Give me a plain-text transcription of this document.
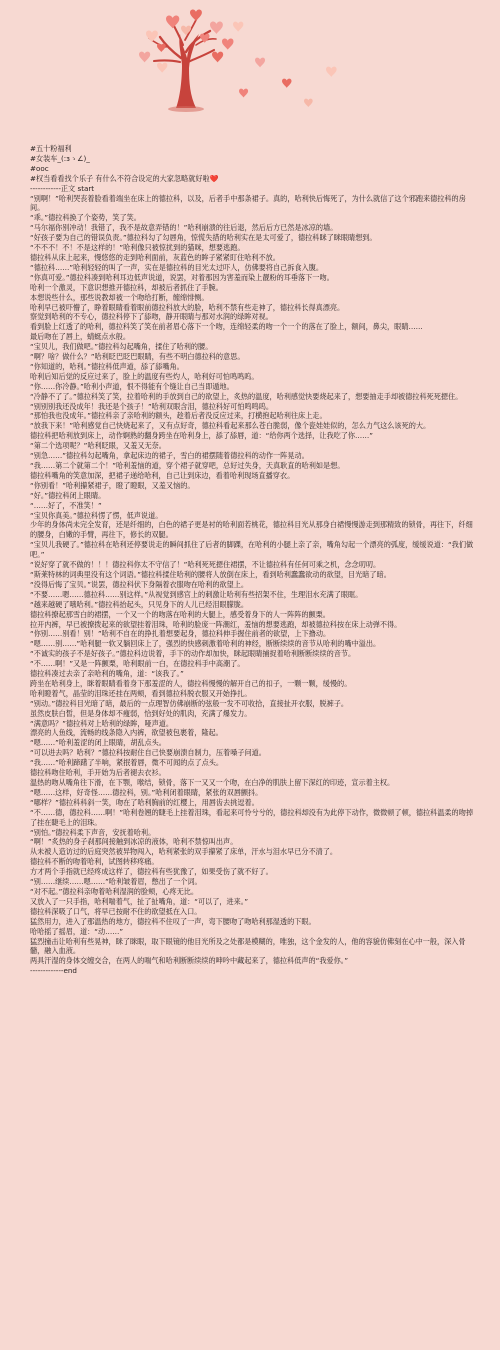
#五十粉福利
#女装车_(:зゝ∠)_
#ooc
#权当看看找个乐子 有什么不符合设定的大家忽略就好啦❤️
------------正文 start
“别啊！”哈利哭丧着脸看着端坐在床上的德拉科，以及，后者手中那条裙子。真的，哈利快后悔死了，为什么就信了这个邪跑来德拉科的房间。
“乖。”德拉科换了个姿势，笑了笑。
“马尔福你别冲动！我错了，我不是故意弄错的！”哈利崩溃的往后退，然后后方已然是冰凉的墙。
“好孩子要为自己的错误负责。”德拉科勾了勾唇角，惊慌失措的哈利实在是太可爱了，德拉科眯了眯眼睛想到。
“不不不！不！不是这样的！”哈利像只被惊扰到的猫咪，想要逃跑。
德拉科从床上起来，慢悠悠的走到哈利面前，灰蓝色的眸子紧紧盯住哈利不放。
“德拉科……”哈利轻轻的叫了一声，实在是德拉科的目光太过吓人，仿佛要将自己拆食入腹。
“你真可爱。”德拉科凑到哈利耳边低声说道，说罢，对着那因为害羞而染上靓粉的耳垂落下一吻。
哈利一个激灵，下意识想推开德拉科，却被后者抓住了手腕。
本想说些什么，那些说教却被一个吻给打断，缠绵悱恻。
哈利早已被吓懵了，睁着眼睛看着眼前德拉科放大的脸，哈利不禁有些走神了，德拉科长得真漂亮。
察觉到哈利的不专心，德拉科停下了舔吻，静开眼睛与那对水润的绿眸对视。
看到脸上红透了的哈利，德拉科笑了笑在前者眉心落下一个吻，连绵轻柔的吻一个一个的落在了脸上，额间，鼻尖，眼睛……
最后吻在了唇上，蜻蜓点水般。
“宝贝儿，我们做吧。”德拉科勾起嘴角，揉住了哈利的腰。
“啊？啥？做什么？”哈利眨巴眨巴眼睛，有些不明白德拉科的意思。
“你知道的，哈利。”德拉科低声道，舔了舔嘴角。
哈利后知后觉的反应过来了，脸上的温度有些灼人，哈利好可怕鸣鸣呜。
“你……你冷静。”哈利小声道，恨不得能有个缝让自己当即遁地。
“冷静不了了。”德拉科笑了笑，拉着哈利的手放到自己的欲望上，炙热的温度，哈利感觉快要烧起来了，想要抽走手却被德拉科死死摁住。
“别别别我还没成年！我还是个孩子！”哈利双眼含泪，德拉科好可怕鸣鸣呜。
“那怕我也没成年。”德拉科亲了亲哈利的额头，趁着后者没反应过来，打横抱起哈利往床上走。
“放我下来！”哈利感觉自己快烧起来了，又有点好奇，德拉科看起来那么苍白脆弱，像个瓷娃娃似的，怎么力气这么该死的大。
德拉科把哈利放到床上，动作婀熟的翻身跨坐在哈利身上，舔了舔唇，道：“给你两个选择，让我吃了你……”
“第二个选项呢？”哈利眨眼，又羞又无奈。
“别急……”德拉科勾起嘴角，拿起床边的裙子，雪白的裙摆随着德拉科的动作一阵晃动。
“我……第二个就第二个！”哈利羞恼的道，穿个裙子就穿吧，总好过失身，天真耿直的哈利如是想。
德拉科嘴角的笑意加深，把裙子递给哈利，自己让到床边，看着哈利现场直播穿衣。
“你别看！”哈利攥紧裙子，瞪了瞪眼，又羞又恼的。
“好。”德拉科闭上眼睛。
“……好了，不准笑！”
“宝贝你真美。”德拉科愣了愣，低声说道。
少年的身体尚未完全发育，还是纤细的，白色的裙子更是衬的哈利面若桃花，德拉科目光从那身白裙慢慢游走到那精致的锁骨，再往下，纤细的腰身，白嫩的手臂，再往下，修长的双腿。
“宝贝儿我硬了。”德拉科在哈利还停要说走的瞬间抓住了后者的脚踝，在哈利的小腿上亲了亲，嘴角勾起一个漂亮的弧度，缓缓说道：“我们做吧。”
“说好穿了就不做的！！！德拉科你太不守信了！”哈利死死摁住裙摆，不让德拉科有任何可乘之机，念念叨叨。
“斯莱特林的词典里没有这个词语。”德拉科揉住哈利的腰将人放倒在床上，看到哈利蠢蠢欲动的欲望，目光暗了暗。
“没得后悔了宝贝。”说罢，德拉科伏下身隔着衣服吻在哈利的欲望上。
“不要……嗯……德拉科……别这样。”从视觉到感官上的刺激让哈利有些招架不住，生理泪水充满了眼眶。
“越来越硬了哦哈利。”德拉科抬起头，只见身下的人儿已经泪眼朦胧。
德拉科撩起那雪白的裙摆，一个又一个的吻落在哈利的大腿上，感受着身下的人一阵阵的颤栗。
拉开内裤，早已被撩拨起来的欲望挂着泪珠，哈利的脸庞一阵潮红，羞恼的想要逃跑，却被德拉科按在床上动弹不得。
“你别……别看！别！”哈利不自在的挣扎着想要起身，德拉科伸手握住前者的欲望，上下撸动。
“嗯……别……”哈利腿一软又躺回床上了，强烈的快感刺激着哈利的神经，断断续续的音节从哈利的嘴中溢出。
“不诚实的孩子不是好孩子。”德拉科边说着，手下的动作却加快，眯起眼睛捕捉着哈利断断续续的音节。
“不……啊！”又是一阵颤栗，哈利眼前一白，在德拉科手中高潮了。
德拉科凑过去亲了亲哈利的嘴角，道：“该我了。”
跨坐在哈利身上，眯着眼睛看着身下那羞涩的人，德拉科慢慢的解开自己的扣子，一颗一颗，缓慢的。
哈利瞪着气，晶莹的泪珠还挂在两颊，看到德拉科脱衣服又开始挣扎。
“别动。”德拉科目光暗了暗，最后的一点理智仿佛崩断的弦般一发不可收拾，直接扯开衣服，脱裤子。
虽然皮肤白皙，但是身体却不瘦弱，恰到好处的肌肉，充满了爆发力。
“满意吗？”德拉科对上哈利的绿眸，哑声道。
漂亮的人鱼线，流畅的线条隐入内裤，欲望被包裹着，隆起。
“嗯……”哈利羞涩的闭上眼睛，胡乱点头。
“可以进去吗？哈利？”德拉科按耐住自己快要崩溃自制力，压着嗓子问道。
“我……”哈利蹄躇了半响，紧抿着唇，微不可闻的点了点头。
德拉科吻住哈利，手开始为后者褪去衣衫。
温热的吻从嘴角往下滑，在下颚，喉结，锁骨，落下一又又一个吻，在白净的肌肤上留下深红的印迹，宣示着主权。
“嗯……这样，好奇怪……德拉科，别。”哈利闭着眼睛，紧张的双唇颤抖。
“哪样？”德拉科科斜一笑，吻在了哈利胸前的红樱上，用唇齿去挑逗着。
“不……德，德拉科……啊！”哈利卷翘的睫毛上挂着泪珠，看起来可怜兮兮的，德拉科却没有为此停下动作，微微顿了顿，德拉科温柔的吻掉了挂在睫毛上的泪珠。
“别怕。”德拉科柔下声音，安抚着哈利。
“啊！”炙热的身子刹那间接触到冰凉的液体，哈利不禁惊叫出声。
从未被人造访过的后庭突然被异物闯入，哈利紧张的双手攥紧了床单，汗水与泪水早已分不清了。
德拉科不断的吻着哈利，试图转移疼痛。
方才两个手指就已经疼成这样了，德拉科有些犹豫了，如果受伤了就不好了。
“别……继续……嗯……”哈利皱着眉，憋出了一个词。
“对不起。”德拉科亲吻着哈利湿润的脸颊，心疼无比。
又放入了一只手指，哈利喘着气，扯了扯嘴角，道：“可以了，进来。”
德拉科深吸了口气，将早已按耐不住的欲望抵在入口。
猛然用力，进入了那温热的地方，德拉科不住叹了一声，弯下腰吻了吻哈利那湿透的下眼。
哈哈摇了摇眉，道：“动……”
猛烈撞击让哈利有些晃神，眯了眯眼，取下眼镜的他目光所及之处都是模糊的，唯独，这个金发的人，他的容貌仿佛刻在心中一般，深入骨髓，融入血液。
两具汗湿的身体交缠交合，在两人的喘气和哈利断断续续的呻吟中藏起来了，德拉科低声的“我爱你。”
-------------end
